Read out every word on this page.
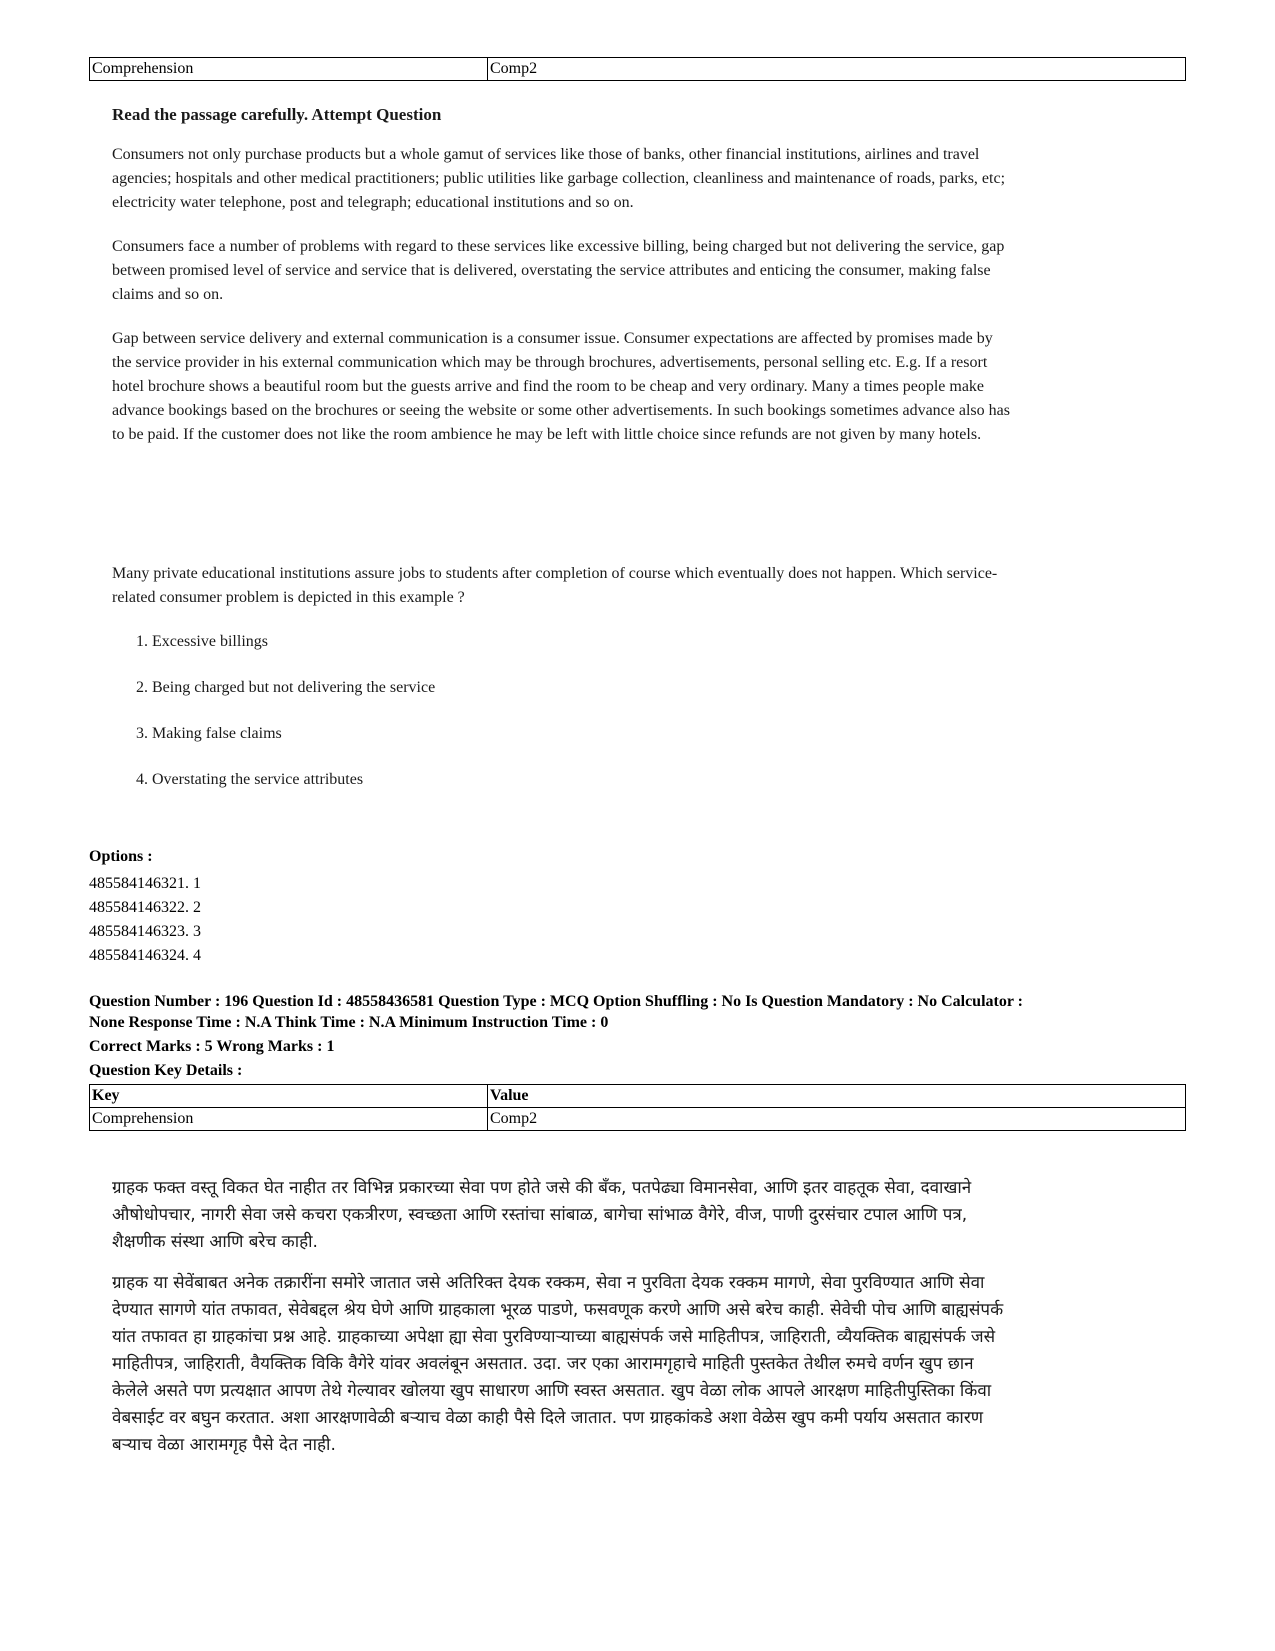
Comprehension	Comp2
Read the passage carefully. Attempt Question

Consumers not only purchase products but a whole gamut of services like those of banks, other financial institutions, airlines and travel agencies; hospitals and other medical practitioners; public utilities like garbage collection, cleanliness and maintenance of roads, parks, etc; electricity water telephone, post and telegraph; educational institutions and so on.

Consumers face a number of problems with regard to these services like excessive billing, being charged but not delivering the service, gap between promised level of service and service that is delivered, overstating the service attributes and enticing the consumer, making false claims and so on.

Gap between service delivery and external communication is a consumer issue. Consumer expectations are affected by promises made by the service provider in his external communication which may be through brochures, advertisements, personal selling etc. E.g. If a resort hotel brochure shows a beautiful room but the guests arrive and find the room to be cheap and very ordinary. Many a times people make advance bookings based on the brochures or seeing the website or some other advertisements. In such bookings sometimes advance also has to be paid. If the customer does not like the room ambience he may be left with little choice since refunds are not given by many hotels.

Many private educational institutions assure jobs to students after completion of course which eventually does not happen. Which service-related consumer problem is depicted in this example ?

1. Excessive billings
2. Being charged but not delivering the service
3. Making false claims
4. Overstating the service attributes
Options :
485584146321. 1
485584146322. 2
485584146323. 3
485584146324. 4
Question Number : 196 Question Id : 48558436581 Question Type : MCQ Option Shuffling : No Is Question Mandatory : No Calculator :
None Response Time : N.A Think Time : N.A Minimum Instruction Time : 0
Correct Marks : 5 Wrong Marks : 1
Question Key Details :
Key	Value
Comprehension	Comp2

ग्राहक फक्त वस्तू विकत घेत नाहीत तर विभिन्न प्रकारच्या सेवा पण होते जसे की बँक, पतपेढ्या विमानसेवा, आणि इतर वाहतूक सेवा, दवाखाने औषोधोपचार, नागरी सेवा जसे कचरा एकत्रीरण, स्वच्छता आणि रस्तांचा सांबाळ, बागेचा सांभाळ वैगेरे, वीज, पाणी दुरसंचार टपाल आणि पत्र, शैक्षणीक संस्था आणि बरेच काही.

ग्राहक या सेवेंबाबत अनेक तक्रारींना समोरे जातात जसे अतिरिक्त देयक रक्कम, सेवा न पुरविता देयक रक्कम मागणे, सेवा पुरविण्यात आणि सेवा देण्यात सागणे यांत तफावत, सेवेबद्दल श्रेय घेणे आणि ग्राहकाला भूरळ पाडणे, फसवणूक करणे आणि असे बरेच काही. सेवेची पोच आणि बाह्यसंपर्क यांत तफावत हा ग्राहकांचा प्रश्न आहे. ग्राहकाच्या अपेक्षा ह्या सेवा पुरविण्याऱ्याच्या बाह्यसंपर्क जसे माहितीपत्र, जाहिराती, व्यैयक्तिक बाह्यसंपर्क जसे माहितीपत्र, जाहिराती, वैयक्तिक विकि वैगेरे यांवर अवलंबून असतात. उदा. जर एका आरामगृहाचे माहिती पुस्तकेत तेथील रुमचे वर्णन खुप छान केलेले असते पण प्रत्यक्षात आपण तेथे गेल्यावर खोलया खुप साधारण आणि स्वस्त असतात. खुप वेळा लोक आपले आरक्षण माहितीपुस्तिका किंवा वेबसाईट वर बघुन करतात. अशा आरक्षणावेळी बऱ्याच वेळा काही पैसे दिले जातात. पण ग्राहकांकडे अशा वेळेस खुप कमी पर्याय असतात कारण बऱ्याच वेळा आरामगृह पैसे देत नाही.
